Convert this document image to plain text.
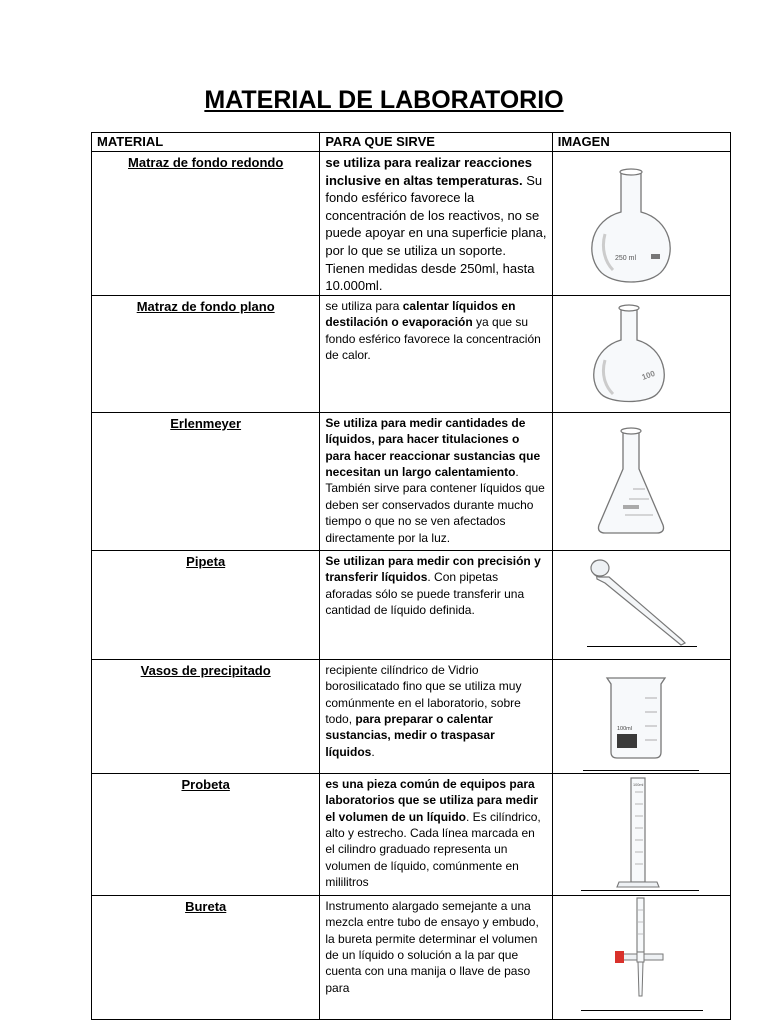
MATERIAL DE LABORATORIO
MATERIAL	PARA QUE SIRVE	IMAGEN

Matraz de fondo redondo	se utiliza para realizar reacciones inclusive en altas temperaturas. Su fondo esférico favorece la concentración de los reactivos, no se puede apoyar en una superficie plana, por lo que se utiliza un soporte. Tienen medidas desde 250ml, hasta 10.000ml.	250 ml

Matraz de fondo plano	se utiliza para calentar líquidos en destilación o evaporación ya que su fondo esférico favorece la concentración de calor.	100

Erlenmeyer	Se utiliza para medir cantidades de líquidos, para hacer titulaciones o para hacer reaccionar sustancias que necesitan un largo calentamiento. También sirve para contener líquidos que deben ser conservados durante mucho tiempo o que no se ven afectados directamente por la luz.

Pipeta	Se utilizan para medir con precisión y transferir líquidos. Con pipetas aforadas sólo se puede transferir una cantidad de líquido definida.

Vasos de precipitado	recipiente cilíndrico de Vidrio borosilicatado fino que se utiliza muy comúnmente en el laboratorio, sobre todo, para preparar o calentar sustancias, medir o traspasar líquidos.	100ml

Probeta	es una pieza común de equipos para laboratorios que se utiliza para medir el volumen de un líquido. Es cilíndrico, alto y estrecho. Cada línea marcada en el cilindro graduado representa un volumen de líquido, comúnmente en mililitros	100ml

Bureta	Instrumento alargado semejante a una mezcla entre tubo de ensayo y embudo, la bureta permite determinar el volumen de un líquido o solución a la par que cuenta con una manija o llave de paso para
